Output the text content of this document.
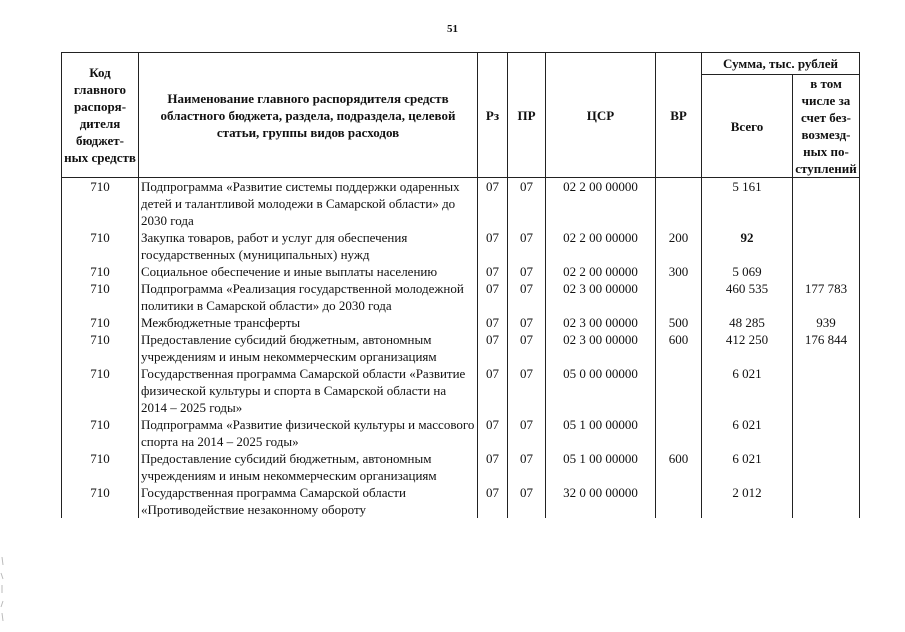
51
Код главного распоря-дителя бюджет-ных средств	Наименование главного распорядителя средств областного бюджета, раздела, подраздела, целевой статьи, группы видов расходов	Рз	ПР	ЦСР	ВР	Сумма, тыс. рублей	
						Всего	в том числе за счет без-возмезд-ных по-ступлений
710	Подпрограмма «Развитие системы поддержки одаренных детей и талантливой молодежи в Самарской области» до 2030 года	07	07	02 2 00 00000		5 161	
710	Закупка товаров, работ и услуг для обеспечения государственных (муниципальных) нужд	07	07	02 2 00 00000	200	92	
710	Социальное обеспечение и иные выплаты населению	07	07	02 2 00 00000	300	5 069	
710	Подпрограмма «Реализация государственной молодежной политики в Самарской области» до 2030 года	07	07	02 3 00 00000		460 535	177 783
710	Межбюджетные трансферты	07	07	02 3 00 00000	500	48 285	939
710	Предоставление субсидий бюджетным, автономным учреждениям и иным некоммерческим организациям	07	07	02 3 00 00000	600	412 250	176 844
710	Государственная программа Самарской области «Развитие физической культуры и спорта в Самарской области на 2014 – 2025 годы»	07	07	05 0 00 00000		6 021	
710	Подпрограмма «Развитие физической культуры и массового спорта на 2014 – 2025 годы»	07	07	05 1 00 00000		6 021	
710	Предоставление субсидий бюджетным, автономным учреждениям и иным некоммерческим организациям	07	07	05 1 00 00000	600	6 021	
710	Государственная программа Самарской области «Противодействие незаконному обороту	07	07	32 0 00 00000		2 012	
